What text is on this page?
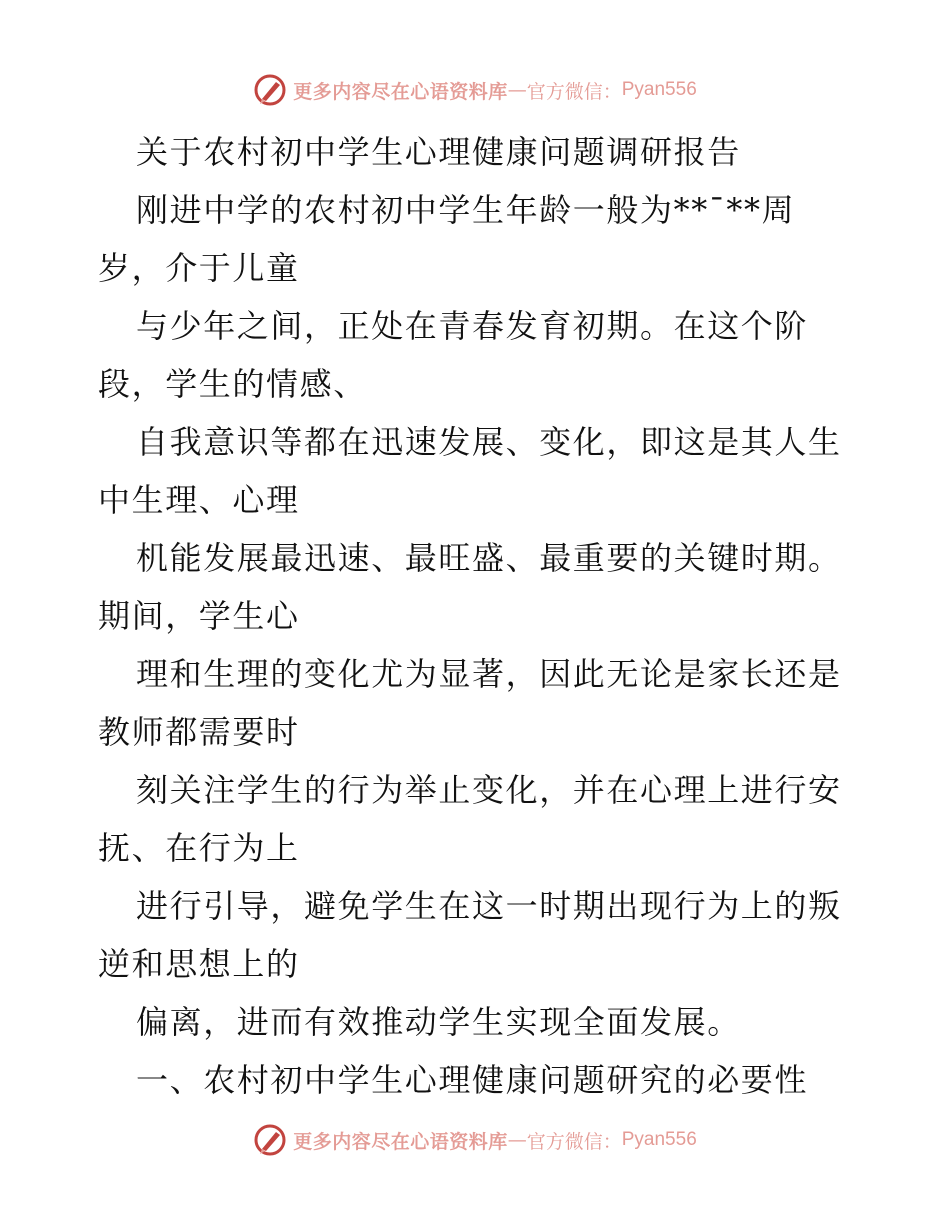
更多内容尽在心语资料库 — 官方微信： Pyan556
关于农村初中学生心理健康问题调研报告
刚进中学的农村初中学生年龄一般为**¯**周
岁，介于儿童
与少年之间，正处在青春发育初期。在这个阶
段，学生的情感、
自我意识等都在迅速发展、变化，即这是其人生
中生理、心理
机能发展最迅速、最旺盛、最重要的关键时期。
期间，学生心
理和生理的变化尤为显著，因此无论是家长还是
教师都需要时
刻关注学生的行为举止变化，并在心理上进行安
抚、在行为上
进行引导，避免学生在这一时期出现行为上的叛
逆和思想上的
偏离，进而有效推动学生实现全面发展。
一、农村初中学生心理健康问题研究的必要性
更多内容尽在心语资料库 — 官方微信： Pyan556
